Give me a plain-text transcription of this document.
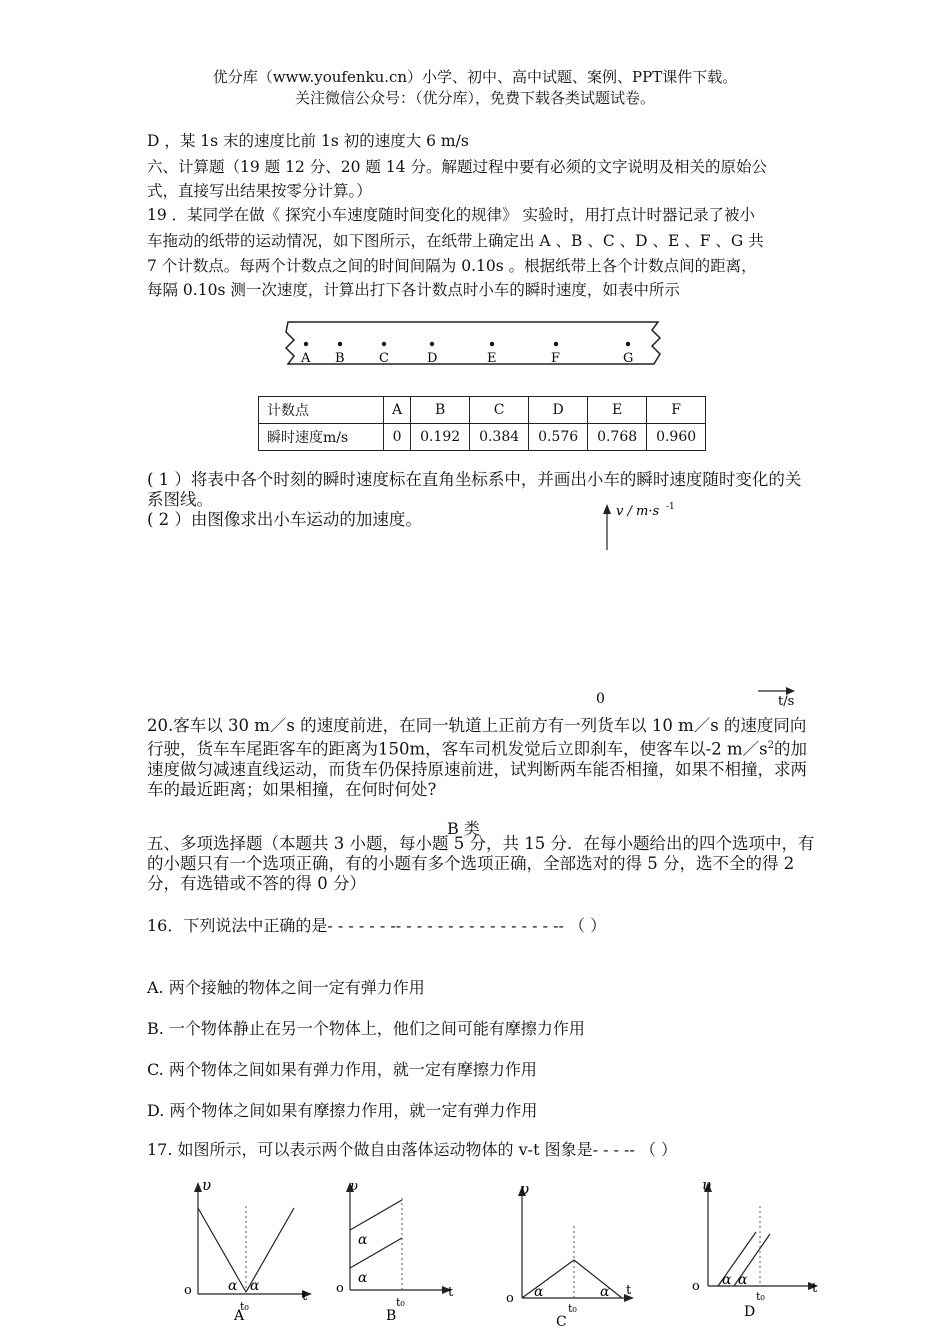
优分库（www.youfenku.cn）小学、初中、高中试题、案例、PPT课件下载。
关注微信公众号：（优分库），免费下载各类试题试卷。
D ，某 1s 末的速度比前 1s 初的速度大 6 m/s
六、计算题（19 题 12 分、20 题 14 分。解题过程中要有必须的文字说明及相关的原始公
式，直接写出结果按零分计算。）
19 ．某同学在做《 探究小车速度随时间变化的规律》 实验时，用打点计时器记录了被小
车拖动的纸带的运动情况，如下图所示，在纸带上确定出 A 、B 、C 、D 、E 、F 、G 共
7 个计数点。每两个计数点之间的时间间隔为 0.10s 。根据纸带上各个计数点间的距离，
每隔 0.10s 测一次速度，计算出打下各计数点时小车的瞬时速度，如表中所示
A B	C	D	E	F	G
计数点	A	B	C	D	E	F
瞬时速度m/s	0	0.192	0.384	0.576	0.768	0.960
( 1 ）将表中各个时刻的瞬时速度标在直角坐标系中，并画出小车的瞬时速度随时变化的关系图线。
( 2 ）由图像求出小车运动的加速度。	v / m·s -1
0	t/s
20.客车以 30 m／s 的速度前进，在同一轨道上正前方有一列货车以 10 m／s 的速度同向行驶，货车车尾距客车的距离为150m，客车司机发觉后立即刹车，使客车以-2 $m/s^2$的加速度做匀减速直线运动，而货车仍保持原速前进，试判断两车能否相撞，如果不相撞，求两车的最近距离；如果相撞，在何时何处?
B 类
五、多项选择题（本题共 3 小题，每小题 5 分，共 15 分．在每小题给出的四个选项中，有的小题只有一个选项正确，有的小题有多个选项正确，全部选对的得 5 分，选不全的得 2 分，有选错或不答的得 0 分）
16．下列说法中正确的是- - - - - - -- - - - - - - - - - - - - - - -- （ ）
A. 两个接触的物体之间一定有弹力作用
B. 一个物体静止在另一个物体上，他们之间可能有摩擦力作用
C. 两个物体之间如果有弹力作用，就一定有摩擦力作用
D. 两个物体之间如果有摩擦力作用，就一定有弹力作用
17. 如图所示，可以表示两个做自由落体运动物体的 v-t 图象是- - - -- （ ）
υ
t
o
t₀
α α
A
υ
t
o
t₀
α
α
B
υ
t
o
t₀
α	α
C
υ
t
o
t₀
α α
D
